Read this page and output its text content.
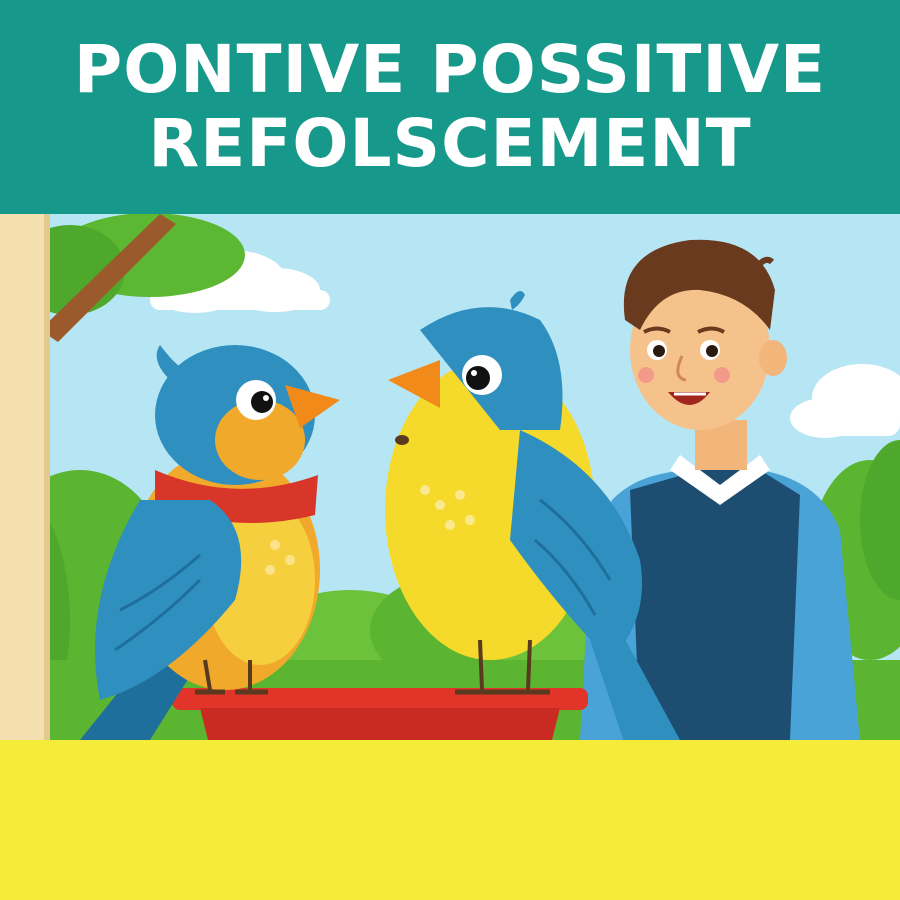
PONTIVE POSSITIVE
REFOLSCEMENT
